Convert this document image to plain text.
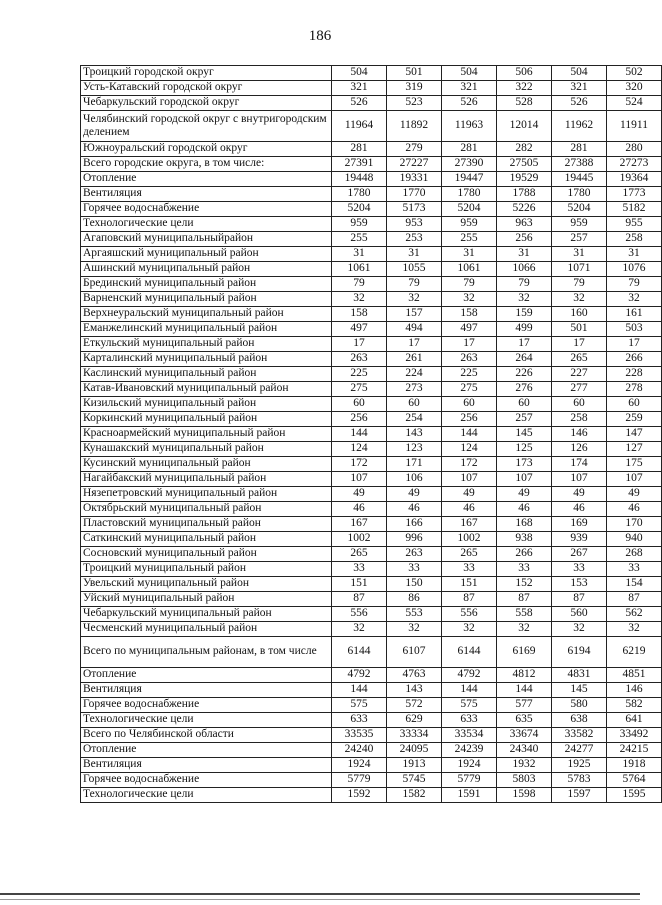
186
Троицкий городской округ	504	501	504	506	504	502
Усть-Катавский городской округ	321	319	321	322	321	320
Чебаркульский городской округ	526	523	526	528	526	524
Челябинский городской округ с внутригородским делением	11964	11892	11963	12014	11962	11911
Южноуральский городской округ	281	279	281	282	281	280
Всего городские округа, в том числе:	27391	27227	27390	27505	27388	27273
Отопление	19448	19331	19447	19529	19445	19364
Вентиляция	1780	1770	1780	1788	1780	1773
Горячее водоснабжение	5204	5173	5204	5226	5204	5182
Технологические цели	959	953	959	963	959	955
Агаповский муниципальныйрайон	255	253	255	256	257	258
Аргаяшский муниципальный район	31	31	31	31	31	31
Ашинский муниципальный район	1061	1055	1061	1066	1071	1076
Брединский муниципальный район	79	79	79	79	79	79
Варненский муниципальный район	32	32	32	32	32	32
Верхнеуральский муниципальный район	158	157	158	159	160	161
Еманжелинский муниципальный район	497	494	497	499	501	503
Еткульский муниципальный район	17	17	17	17	17	17
Карталинский муниципальный район	263	261	263	264	265	266
Каслинский муниципальный район	225	224	225	226	227	228
Катав-Ивановский муниципальный район	275	273	275	276	277	278
Кизильский муниципальный район	60	60	60	60	60	60
Коркинский муниципальный район	256	254	256	257	258	259
Красноармейский муниципальный район	144	143	144	145	146	147
Кунашакский муниципальный район	124	123	124	125	126	127
Кусинский муниципальный район	172	171	172	173	174	175
Нагайбакский муниципальный район	107	106	107	107	107	107
Нязепетровский муниципальный район	49	49	49	49	49	49
Октябрьский муниципальный район	46	46	46	46	46	46
Пластовский муниципальный район	167	166	167	168	169	170
Саткинский муниципальный район	1002	996	1002	938	939	940
Сосновский муниципальный район	265	263	265	266	267	268
Троицкий муниципальный район	33	33	33	33	33	33
Увельский муниципальный район	151	150	151	152	153	154
Уйский муниципальный район	87	86	87	87	87	87
Чебаркульский муниципальный район	556	553	556	558	560	562
Чесменский муниципальный район	32	32	32	32	32	32
Всего по муниципальным районам, в том числе	6144	6107	6144	6169	6194	6219
Отопление	4792	4763	4792	4812	4831	4851
Вентиляция	144	143	144	144	145	146
Горячее водоснабжение	575	572	575	577	580	582
Технологические цели	633	629	633	635	638	641
Всего по Челябинской области	33535	33334	33534	33674	33582	33492
Отопление	24240	24095	24239	24340	24277	24215
Вентиляция	1924	1913	1924	1932	1925	1918
Горячее водоснабжение	5779	5745	5779	5803	5783	5764
Технологические цели	1592	1582	1591	1598	1597	1595
